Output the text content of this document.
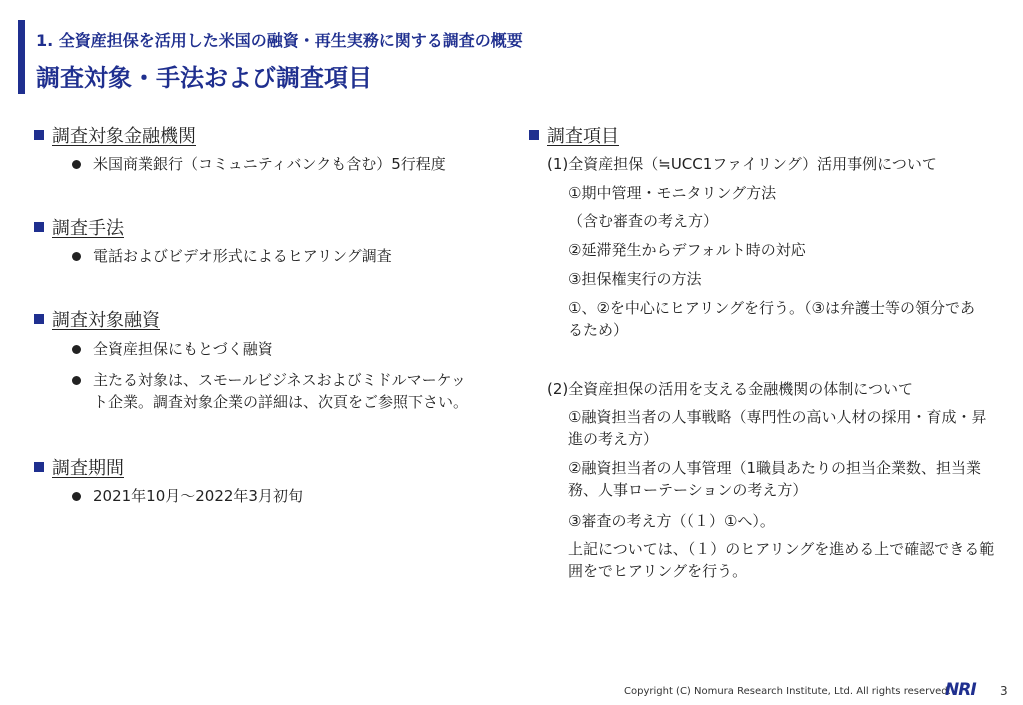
1. 全資産担保を活用した米国の融資・再生実務に関する調査の概要
調査対象・手法および調査項目
調査対象金融機関
米国商業銀行（コミュニティバンクも含む）5行程度
調査手法
電話およびビデオ形式によるヒアリング調査
調査対象融資
全資産担保にもとづく融資
主たる対象は、スモールビジネスおよびミドルマーケット企業。調査対象企業の詳細は、次頁をご参照下さい。
調査期間
2021年10月～2022年3月初旬
調査項目
(1)全資産担保（≒UCC1ファイリング）活用事例について
①期中管理・モニタリング方法
（含む審査の考え方）
②延滞発生からデフォルト時の対応
③担保権実行の方法
①、②を中心にヒアリングを行う。（③は弁護士等の領分であるため）
(2)全資産担保の活用を支える金融機関の体制について
①融資担当者の人事戦略（専門性の高い人材の採用・育成・昇進の考え方）
②融資担当者の人事管理（1職員あたりの担当企業数、担当業務、人事ローテーションの考え方）
③審査の考え方（（１）①へ）。
上記については、（１）のヒアリングを進める上で確認できる範囲をでヒアリングを行う。
Copyright (C) Nomura Research Institute, Ltd. All rights reserved.
NRI 3
